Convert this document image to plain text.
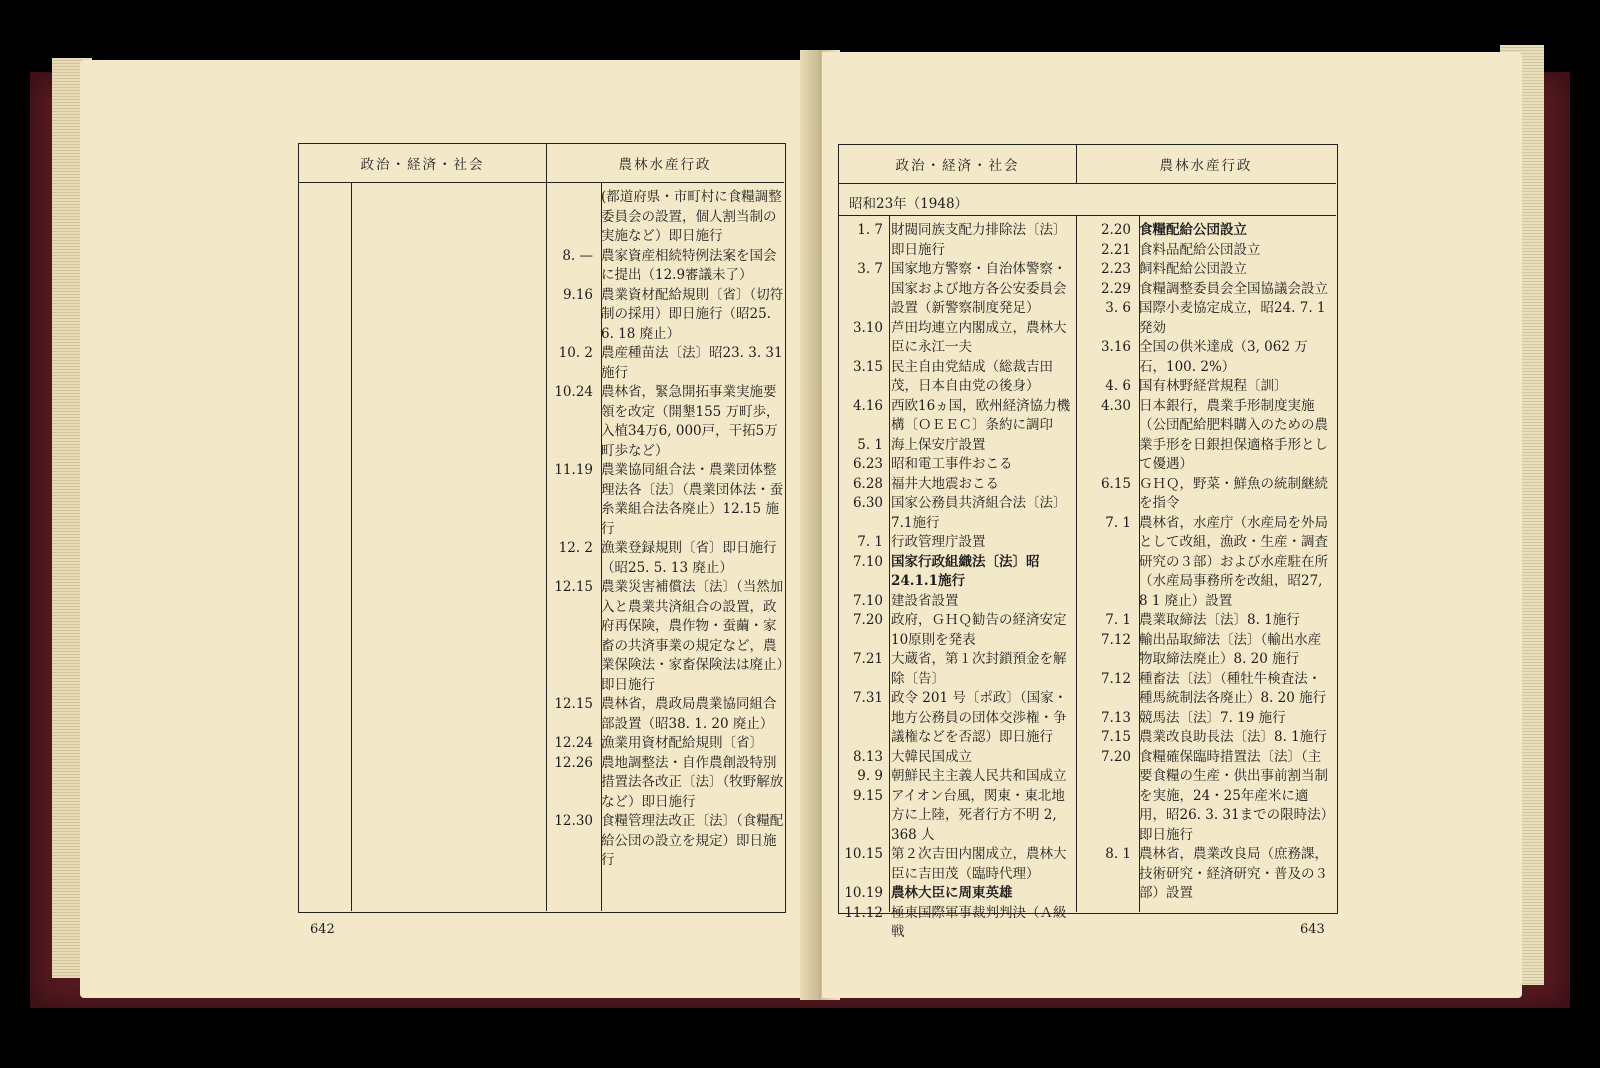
政治・経済・社会	農林水産行政
(都道府県・市町村に食糧調整委員会の設置，個人割当制の実施など）即日施行
8. — 農家資産相続特例法案を国会に提出（12.9審議未了）
9.16 農業資材配給規則〔省〕（切符制の採用）即日施行（昭25. 6. 18 廃止）
10. 2 農産種苗法〔法〕昭23. 3. 31施行
10.24 農林省，緊急開拓事業実施要領を改定（開墾155 万町歩，入植34万6, 000戸，干拓5万町歩など）
11.19 農業協同組合法・農業団体整理法各〔法〕（農業団体法・蚕糸業組合法各廃止）12.15 施行
12. 2 漁業登録規則〔省〕即日施行（昭25. 5. 13 廃止）
12.15 農業災害補償法〔法〕（当然加入と農業共済組合の設置，政府再保険，農作物・蚕繭・家畜の共済事業の規定など，農業保険法・家畜保険法は廃止）即日施行
12.15 農林省，農政局農業協同組合部設置（昭38. 1. 20 廃止）
12.24 漁業用資材配給規則〔省〕
12.26 農地調整法・自作農創設特別措置法各改正〔法〕（牧野解放など）即日施行
12.30 食糧管理法改正〔法〕（食糧配給公団の設立を規定）即日施行
642
政治・経済・社会	農林水産行政
昭和23年（1948）
1. 7 財閥同族支配力排除法〔法〕即日施行
3. 7 国家地方警察・自治体警察・国家および地方各公安委員会設置（新警察制度発足）
3.10 芦田均連立内閣成立，農林大臣に永江一夫
3.15 民主自由党結成（総裁吉田茂，日本自由党の後身）
4.16 西欧16ヵ国，欧州経済協力機構〔ＯＥＥＣ〕条約に調印
5. 1 海上保安庁設置
6.23 昭和電工事件おこる
6.28 福井大地震おこる
6.30 国家公務員共済組合法〔法〕7.1施行
7. 1 行政管理庁設置
7.10 国家行政組織法〔法〕昭24.1.1施行
7.10 建設省設置
7.20 政府，ＧＨＱ勧告の経済安定10原則を発表
7.21 大蔵省，第１次封鎖預金を解除〔告〕
7.31 政令 201 号〔ポ政〕（国家・地方公務員の団体交渉権・争議権などを否認）即日施行
8.13 大韓民国成立
9. 9 朝鮮民主主義人民共和国成立
9.15 アイオン台風，関東・東北地方に上陸，死者行方不明 2, 368 人
10.15 第２次吉田内閣成立，農林大臣に吉田茂（臨時代理）
10.19 農林大臣に周東英雄
11.12 極東国際軍事裁判判決（Ａ級戦
2.20 食糧配給公団設立
2.21 食料品配給公団設立
2.23 飼料配給公団設立
2.29 食糧調整委員会全国協議会設立
3. 6 国際小麦協定成立，昭24. 7. 1 発効
3.16 全国の供米達成（3, 062 万石，100. 2%）
4. 6 国有林野経営規程〔訓〕
4.30 日本銀行，農業手形制度実施（公団配給肥料購入のための農業手形を日銀担保適格手形として優遇）
6.15 ＧＨＱ，野菜・鮮魚の統制継続を指令
7. 1 農林省，水産庁（水産局を外局として改組，漁政・生産・調査研究の３部）および水産駐在所（水産局事務所を改組，昭27, 8 1 廃止）設置
7. 1 農業取締法〔法〕8. 1施行
7.12 輸出品取締法〔法〕（輸出水産物取締法廃止）8. 20 施行
7.12 種畜法〔法〕（種牡牛検査法・種馬統制法各廃止）8. 20 施行
7.13 競馬法〔法〕7. 19 施行
7.15 農業改良助長法〔法〕8. 1施行
7.20 食糧確保臨時措置法〔法〕（主要食糧の生産・供出事前割当制を実施，24・25年産米に適用，昭26. 3. 31までの限時法）即日施行
8. 1 農林省，農業改良局（庶務課，技術研究・経済研究・普及の３部）設置
643
